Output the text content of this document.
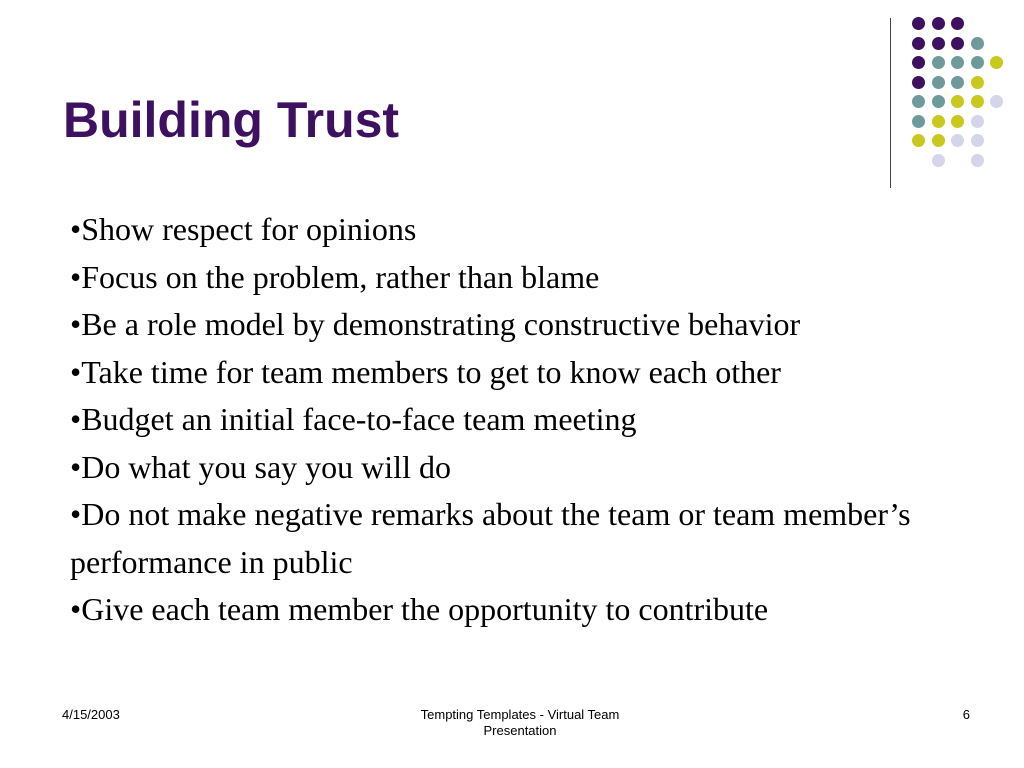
Building Trust
•Show respect for opinions
•Focus on the problem, rather than blame
•Be a role model by demonstrating constructive behavior
•Take time for team members to get to know each other
•Budget an initial face-to-face team meeting
•Do what you say you will do
•Do not make negative remarks about the team or team member’s performance in public
•Give each team member the opportunity to contribute
4/15/2003	Tempting Templates - Virtual Team
Presentation
6
